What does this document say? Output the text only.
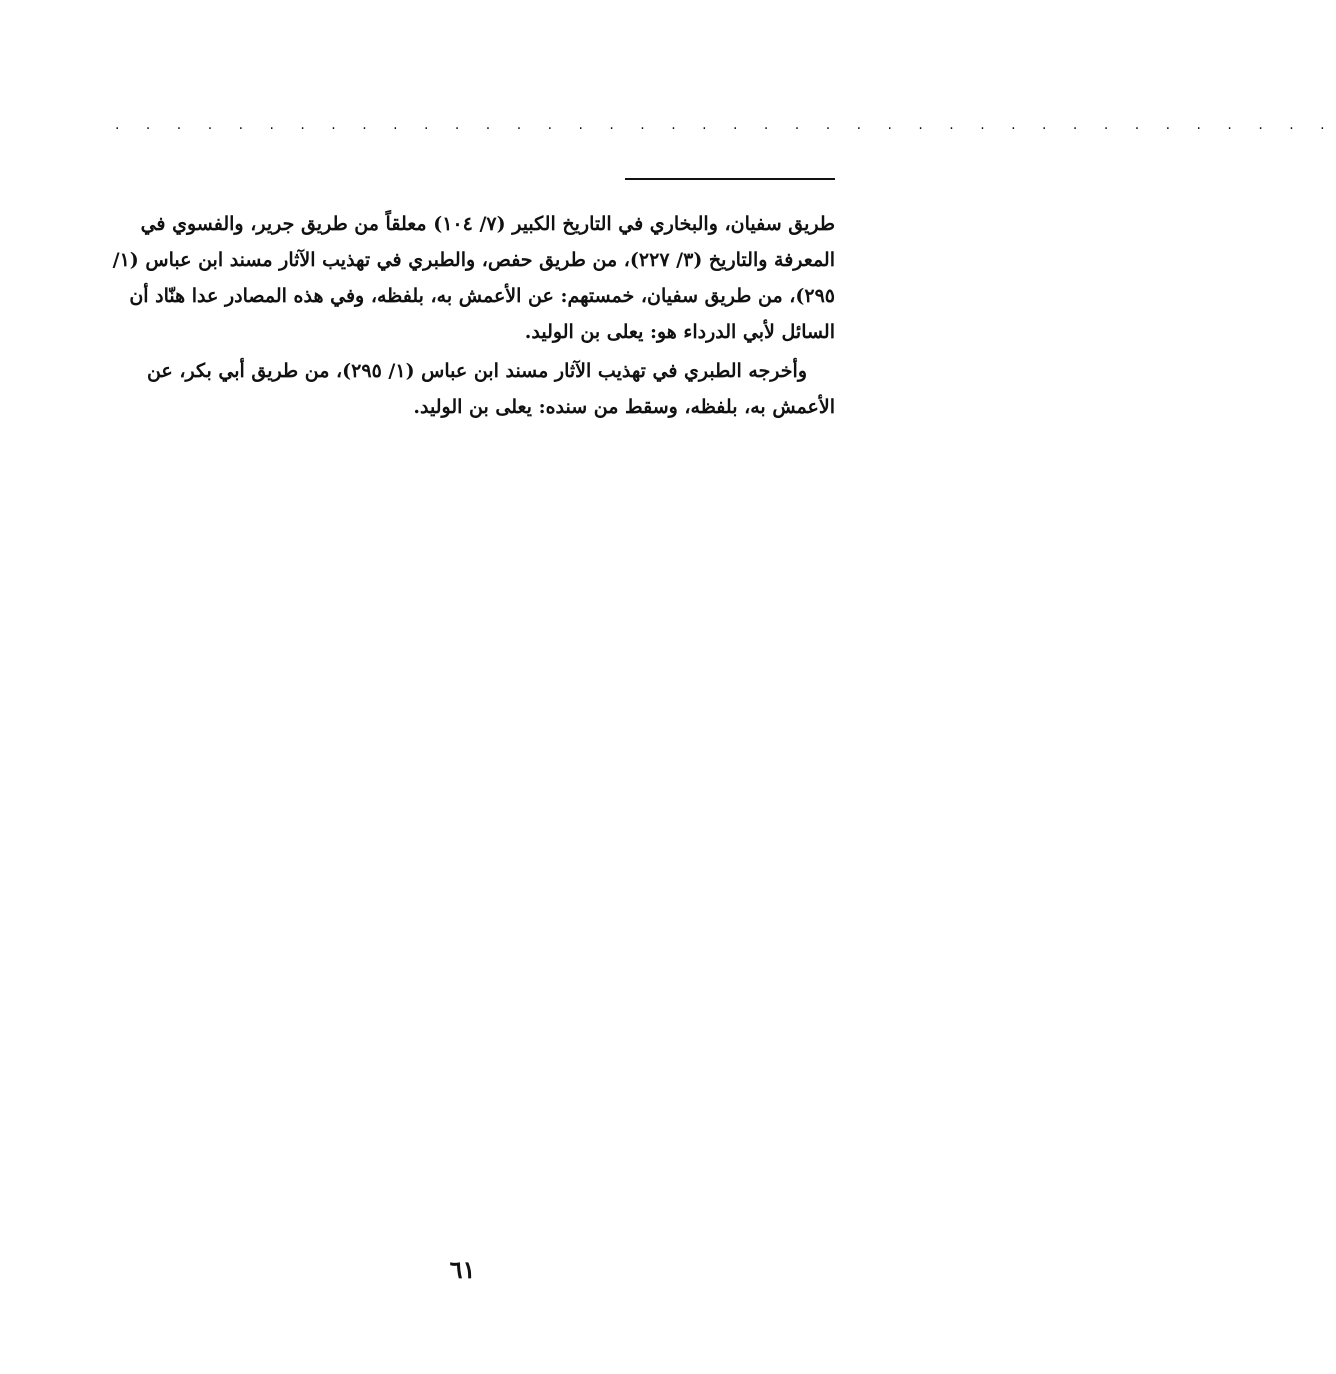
· · · · · · · · · · · · · · · · · · · · · · · · · · · · · · · · · · · · · · · ·

طريق سفيان، والبخاري في التاريخ الكبير (٧/ ١٠٤) معلقاً من طريق جرير، والفسوي في المعرفة والتاريخ (٣/ ٢٢٧)، من طريق حفص، والطبري في تهذيب الآثار مسند ابن عباس (١/ ٢٩٥)، من طريق سفيان، خمستهم: عن الأعمش به، بلفظه، وفي هذه المصادر عدا هنّاد أن السائل لأبي الدرداء هو: يعلى بن الوليد.

وأخرجه الطبري في تهذيب الآثار مسند ابن عباس (١/ ٢٩٥)، من طريق أبي بكر، عن الأعمش به، بلفظه، وسقط من سنده: يعلى بن الوليد.

٦١
